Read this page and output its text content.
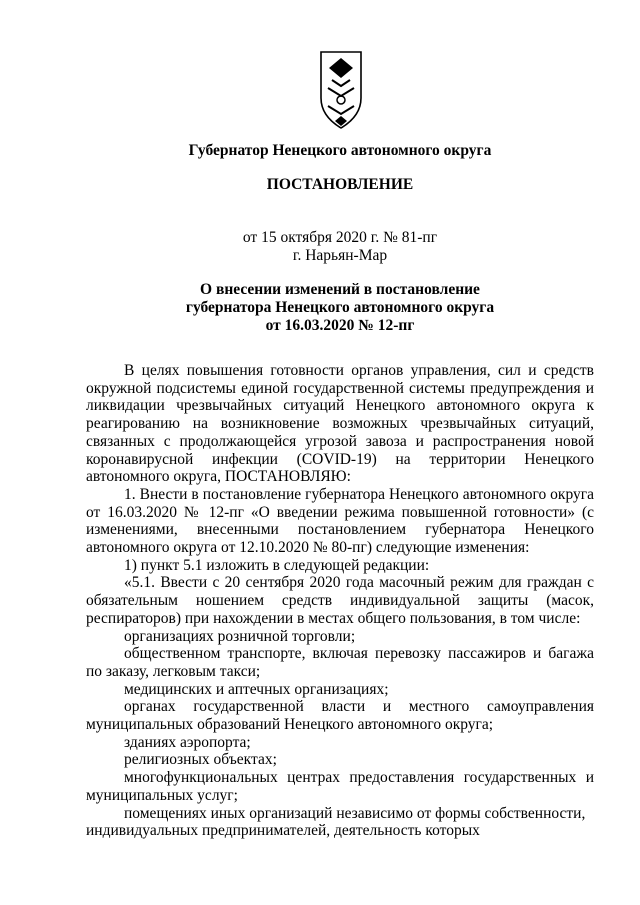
Губернатор Ненецкого автономного округа
ПОСТАНОВЛЕНИЕ
от 15 октября 2020 г. № 81-пг
г. Нарьян-Мар
О внесении изменений в постановление
губернатора Ненецкого автономного округа
от 16.03.2020 № 12-пг

В целях повышения готовности органов управления, сил и средств окружной подсистемы единой государственной системы предупреждения и ликвидации чрезвычайных ситуаций Ненецкого автономного округа к реагированию на возникновение возможных чрезвычайных ситуаций, связанных с продолжающейся угрозой завоза и распространения новой коронавирусной инфекции (COVID-19) на территории Ненецкого автономного округа, ПОСТАНОВЛЯЮ:

1. Внести в постановление губернатора Ненецкого автономного округа от 16.03.2020 № 12-пг «О введении режима повышенной готовности» (с изменениями, внесенными постановлением губернатора Ненецкого автономного округа от 12.10.2020 № 80-пг) следующие изменения:

1) пункт 5.1 изложить в следующей редакции:

«5.1. Ввести с 20 сентября 2020 года масочный режим для граждан с обязательным ношением средств индивидуальной защиты (масок, респираторов) при нахождении в местах общего пользования, в том числе:

организациях розничной торговли;

общественном транспорте, включая перевозку пассажиров и багажа по заказу, легковым такси;

медицинских и аптечных организациях;

органах государственной власти и местного самоуправления муниципальных образований Ненецкого автономного округа;

зданиях аэропорта;

религиозных объектах;

многофункциональных центрах предоставления государственных и муниципальных услуг;

помещениях иных организаций независимо от формы собственности,

индивидуальных предпринимателей, деятельность которых
